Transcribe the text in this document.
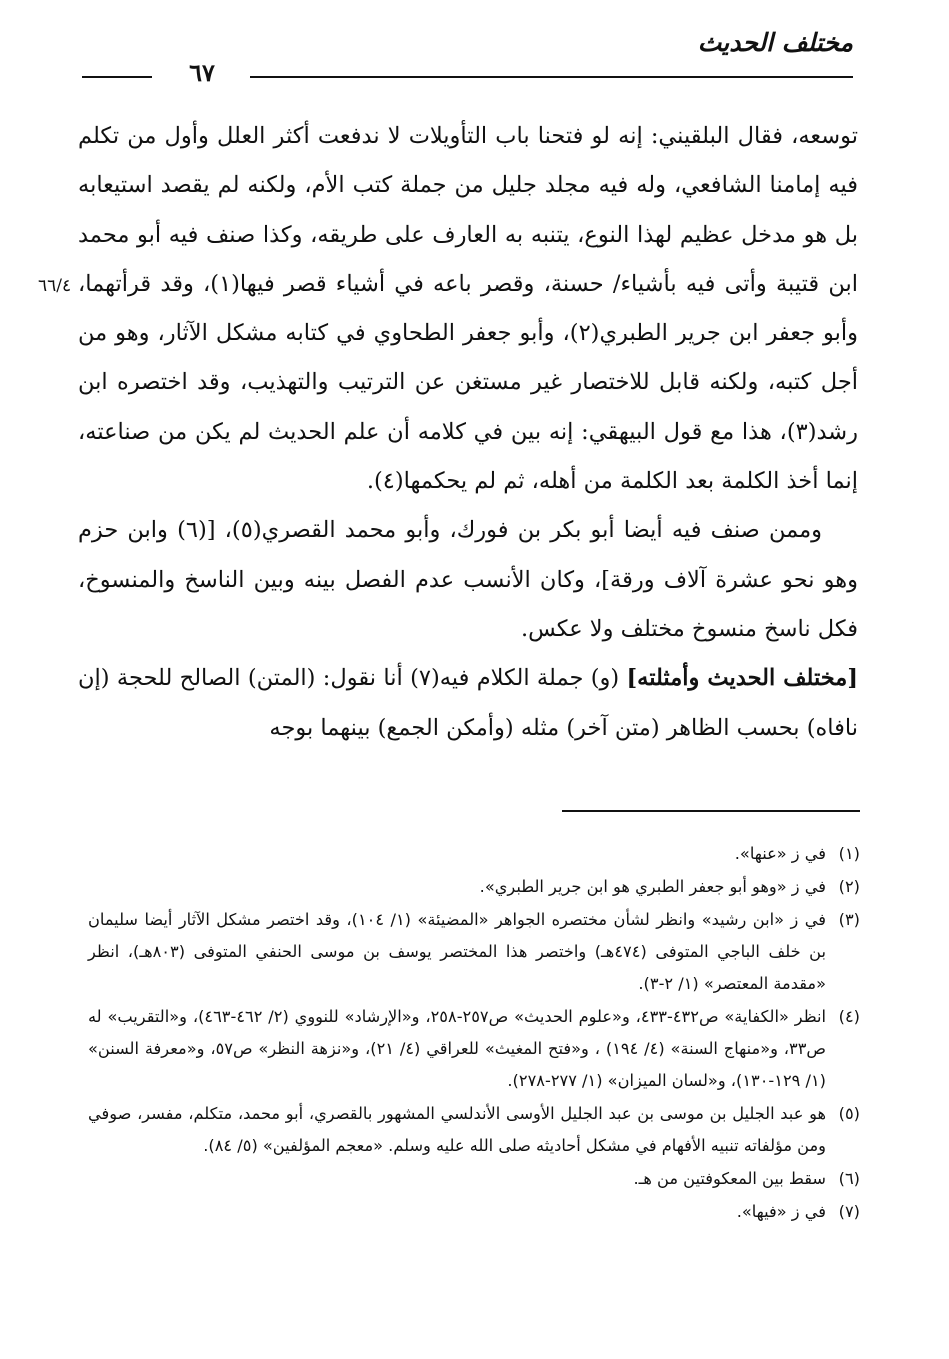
مختلف الحديث
٦٧
٦٦/٤

توسعه، فقال البلقيني: إنه لو فتحنا باب التأويلات لا ندفعت أكثر العلل وأول من تكلم فيه إمامنا الشافعي، وله فيه مجلد جليل من جملة كتب الأم، ولكنه لم يقصد استيعابه بل هو مدخل عظيم لهذا النوع، يتنبه به العارف على طريقه، وكذا صنف فيه أبو محمد ابن قتيبة وأتى فيه بأشياء/ حسنة، وقصر باعه في أشياء قصر فيها(١)، وقد قرأتهما، وأبو جعفر ابن جرير الطبري(٢)، وأبو جعفر الطحاوي في كتابه مشكل الآثار، وهو من أجل كتبه، ولكنه قابل للاختصار غير مستغن عن الترتيب والتهذيب، وقد اختصره ابن رشد(٣)، هذا مع قول البيهقي: إنه بين في كلامه أن علم الحديث لم يكن من صناعته، إنما أخذ الكلمة بعد الكلمة من أهله، ثم لم يحكمها(٤).

وممن صنف فيه أيضا أبو بكر بن فورك، وأبو محمد القصري(٥)، [(٦) وابن حزم وهو نحو عشرة آلاف ورقة]، وكان الأنسب عدم الفصل بينه وبين الناسخ والمنسوخ، فكل ناسخ منسوخ مختلف ولا عكس.

[مختلف الحديث وأمثلته] (و) جملة الكلام فيه(٧) أنا نقول: (المتن) الصالح للحجة (إن نافاه) بحسب الظاهر (متن آخر) مثله (وأمكن الجمع) بينهما بوجه

(١)
في ز «عنها».
(٢)
في ز «وهو أبو جعفر الطبري هو ابن جرير الطبري».
(٣)
في ز «ابن رشيد» وانظر لشأن مختصره الجواهر «المضيئة» (١/ ١٠٤)، وقد اختصر مشكل الآثار أيضا سليمان بن خلف الباجي المتوفى (٤٧٤هـ) واختصر هذا المختصر يوسف بن موسى الحنفي المتوفى (٨٠٣هـ)، انظر «مقدمة المعتصر» (١/ ٢-٣).
(٤)
انظر «الكفاية» ص٤٣٢-٤٣٣، و«علوم الحديث» ص٢٥٧-٢٥٨، و«الإرشاد» للنووي (٢/ ٤٦٢-٤٦٣)، و«التقريب» له ص٣٣، و«منهاج السنة» (٤/ ١٩٤) ، و«فتح المغيث» للعراقي (٤/ ٢١)، و«نزهة النظر» ص٥٧، و«معرفة السنن» (١/ ١٢٩-١٣٠)، و«لسان الميزان» (١/ ٢٧٧-٢٧٨).
(٥)
هو عبد الجليل بن موسى بن عبد الجليل الأوسى الأندلسي المشهور بالقصري، أبو محمد، متكلم، مفسر، صوفي ومن مؤلفاته تنبيه الأفهام في مشكل أحاديثه صلى الله عليه وسلم. «معجم المؤلفين» (٥/ ٨٤).
(٦)
سقط بين المعكوفتين من هـ.
(٧)
في ز «فيها».
